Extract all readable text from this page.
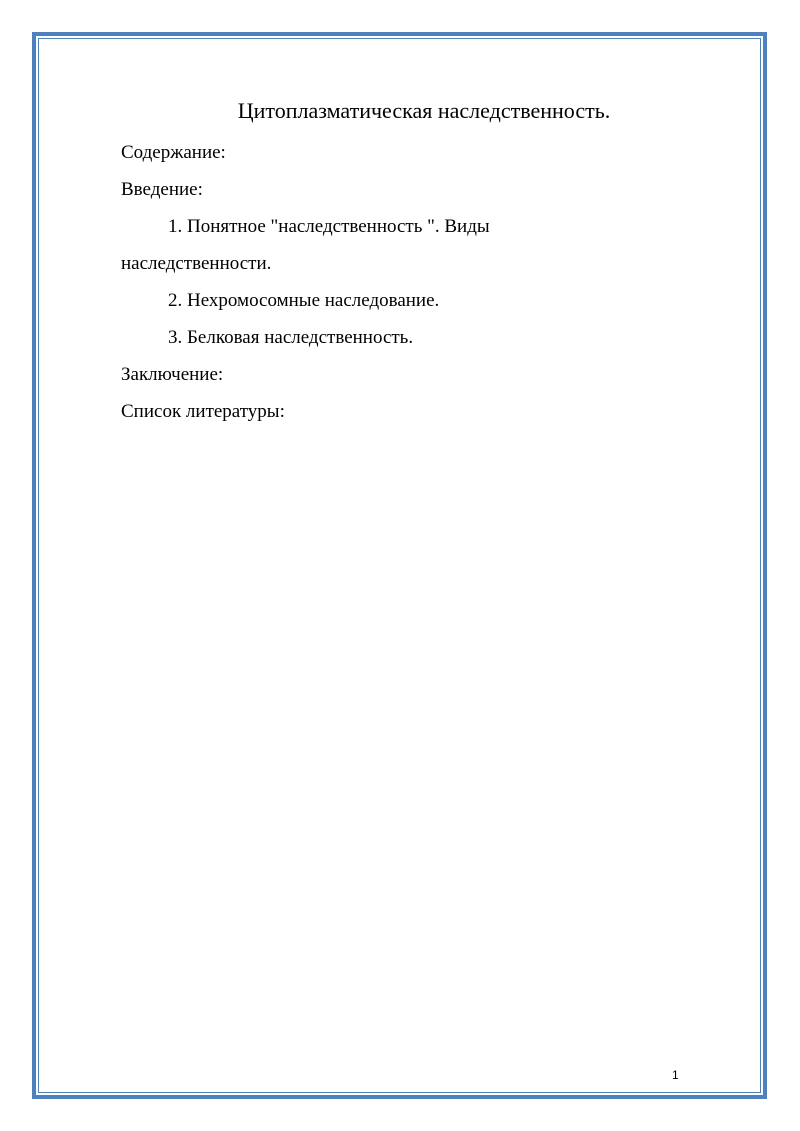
Цитоплазматическая наследственность.
Содержание:
Введение:
1. Понятное "наследственность ". Виды
наследственности.
2. Нехромосомные наследование.
3. Белковая наследственность.
Заключение:
Список литературы:
1
